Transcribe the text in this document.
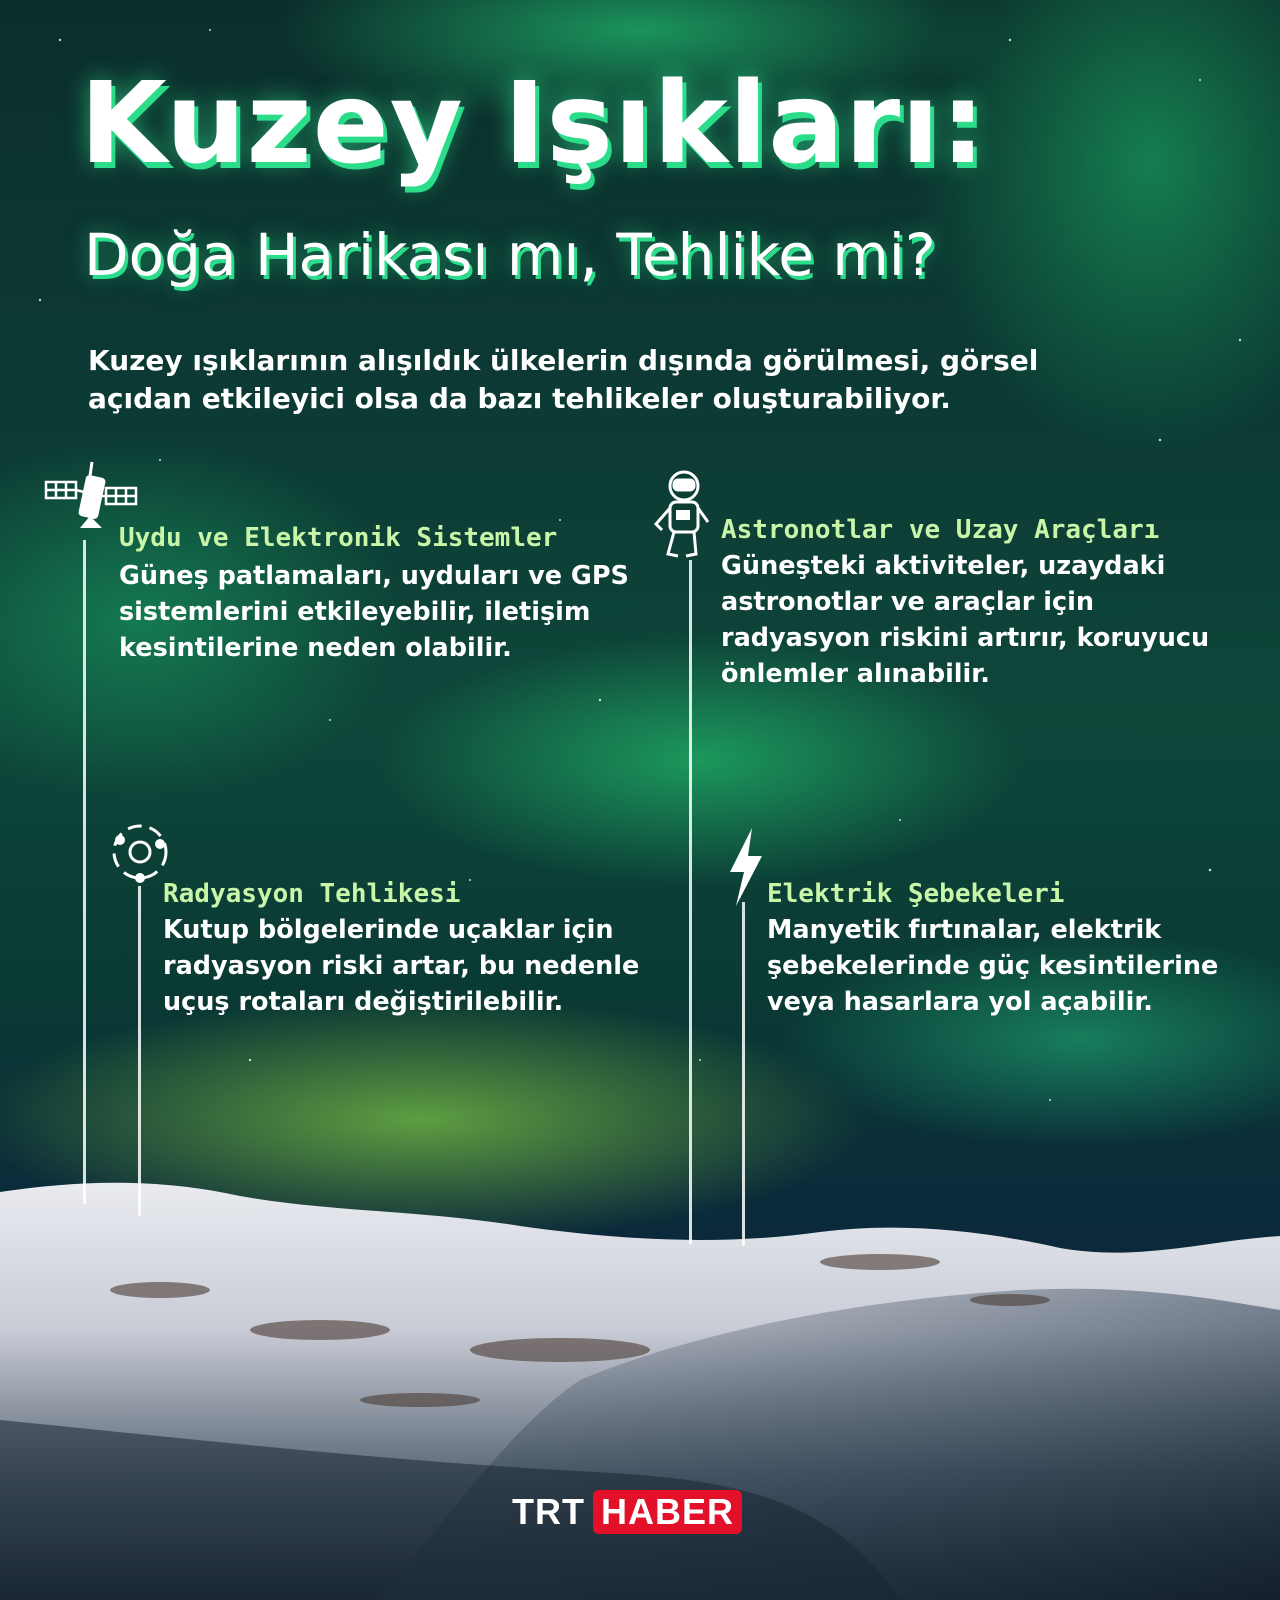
Kuzey Işıkları:
Doğa Harikası mı, Tehlike mi?
Kuzey ışıklarının alışıldık ülkelerin dışında görülmesi, görsel açıdan etkileyici olsa da bazı tehlikeler oluşturabiliyor.
Uydu ve Elektronik Sistemler
Güneş patlamaları, uyduları ve GPS sistemlerini etkileyebilir, iletişim kesintilerine neden olabilir.
Astronotlar ve Uzay Araçları
Güneşteki aktiviteler, uzaydaki astronotlar ve araçlar için radyasyon riskini artırır, koruyucu önlemler alınabilir.
Radyasyon Tehlikesi
Kutup bölgelerinde uçaklar için radyasyon riski artar, bu nedenle uçuş rotaları değiştirilebilir.
Elektrik Şebekeleri
Manyetik fırtınalar, elektrik şebekelerinde güç kesintilerine veya hasarlara yol açabilir.
TRT HABER
